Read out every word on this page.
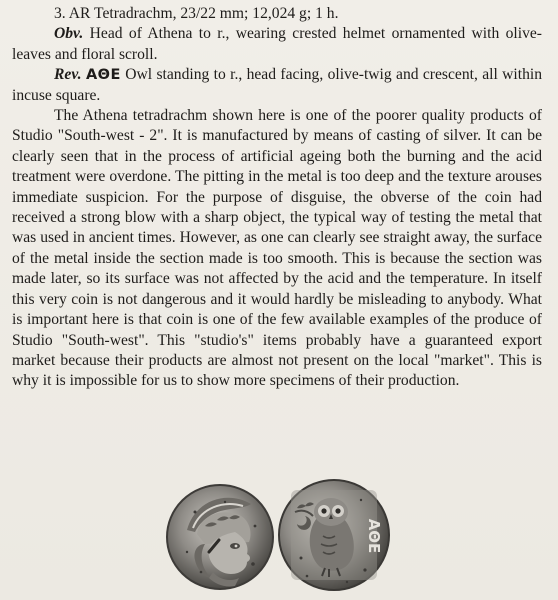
3. AR Tetradrachm, 23/22 mm; 12,024 g; 1 h.

Obv. Head of Athena to r., wearing crested helmet ornamented with olive-leaves and floral scroll.

Rev. ΑΘΕ Owl standing to r., head facing, olive-twig and crescent, all within incuse square.

The Athena tetradrachm shown here is one of the poorer quality products of Studio "South-west - 2". It is manufactured by means of casting of silver. It can be clearly seen that in the process of artificial ageing both the burning and the acid treatment were overdone. The pitting in the metal is too deep and the texture arouses immediate suspicion. For the purpose of disguise, the obverse of the coin had received a strong blow with a sharp object, the typical way of testing the metal that was used in ancient times. However, as one can clearly see straight away, the surface of the metal inside the section made is too smooth. This is because the section was made later, so its surface was not affected by the acid and the temperature. In itself this very coin is not dangerous and it would hardly be misleading to anybody. What is important here is that coin is one of the few available examples of the produce of Studio "South-west". This "studio's" items probably have a guaranteed export market because their products are almost not present on the local "market". This is why it is impossible for us to show more specimens of their production.

ΑΘΕ
